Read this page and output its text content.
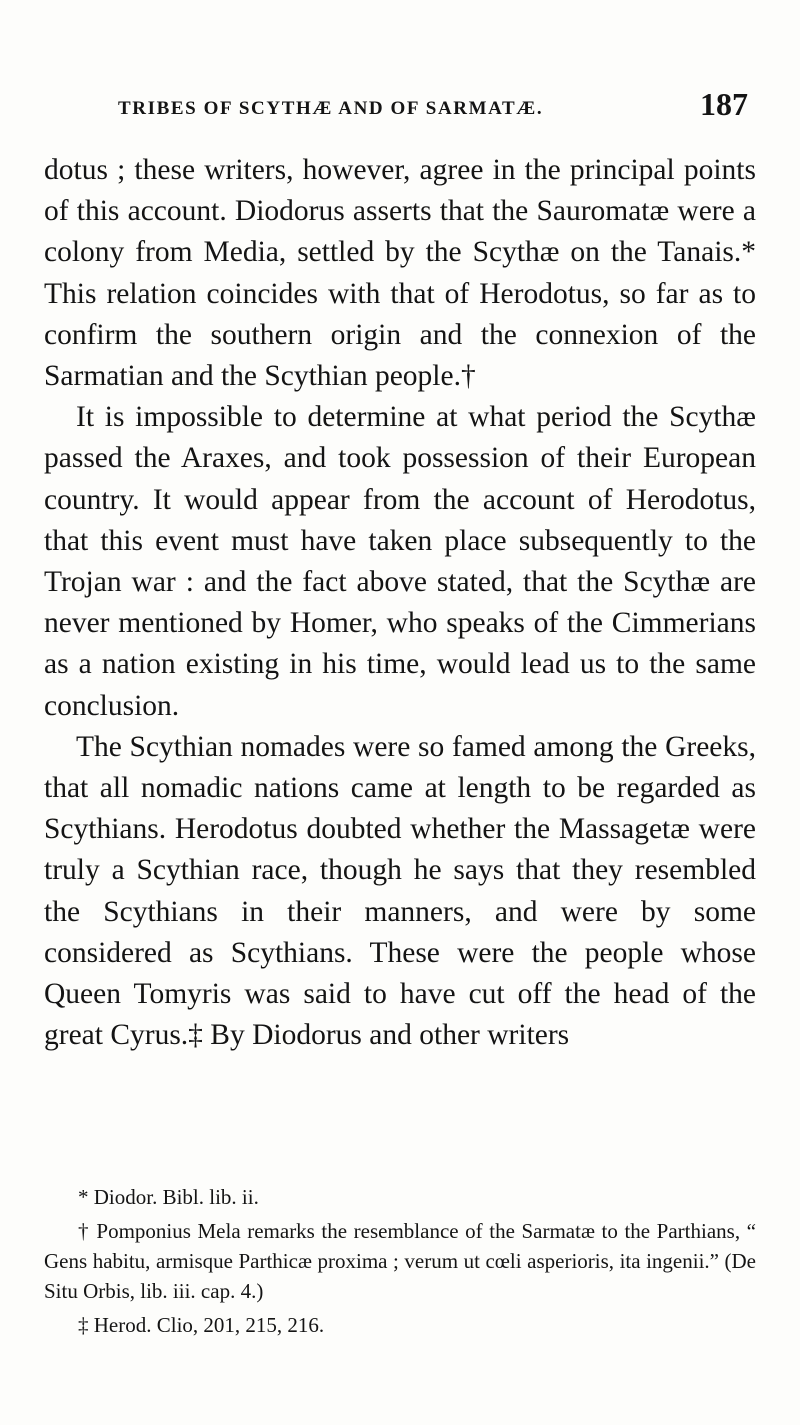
TRIBES OF SCYTHÆ AND OF SARMATÆ.	187

dotus ; these writers, however, agree in the principal points of this account. Diodorus asserts that the Sauromatæ were a colony from Media, settled by the Scythæ on the Tanais.* This relation coincides with that of Herodotus, so far as to confirm the southern origin and the connexion of the Sarmatian and the Scythian people.†

It is impossible to determine at what period the Scythæ passed the Araxes, and took possession of their European country. It would appear from the account of Herodotus, that this event must have taken place subsequently to the Trojan war : and the fact above stated, that the Scythæ are never mentioned by Homer, who speaks of the Cimmerians as a nation existing in his time, would lead us to the same conclusion.

The Scythian nomades were so famed among the Greeks, that all nomadic nations came at length to be regarded as Scythians. Herodotus doubted whether the Massagetæ were truly a Scythian race, though he says that they resembled the Scythians in their manners, and were by some considered as Scythians. These were the people whose Queen Tomyris was said to have cut off the head of the great Cyrus.‡ By Diodorus and other writers

* Diodor. Bibl. lib. ii.

† Pomponius Mela remarks the resemblance of the Sarmatæ to the Parthians, “ Gens habitu, armisque Parthicæ proxima ; verum ut cœli asperioris, ita ingenii.” (De Situ Orbis, lib. iii. cap. 4.)

‡ Herod. Clio, 201, 215, 216.
